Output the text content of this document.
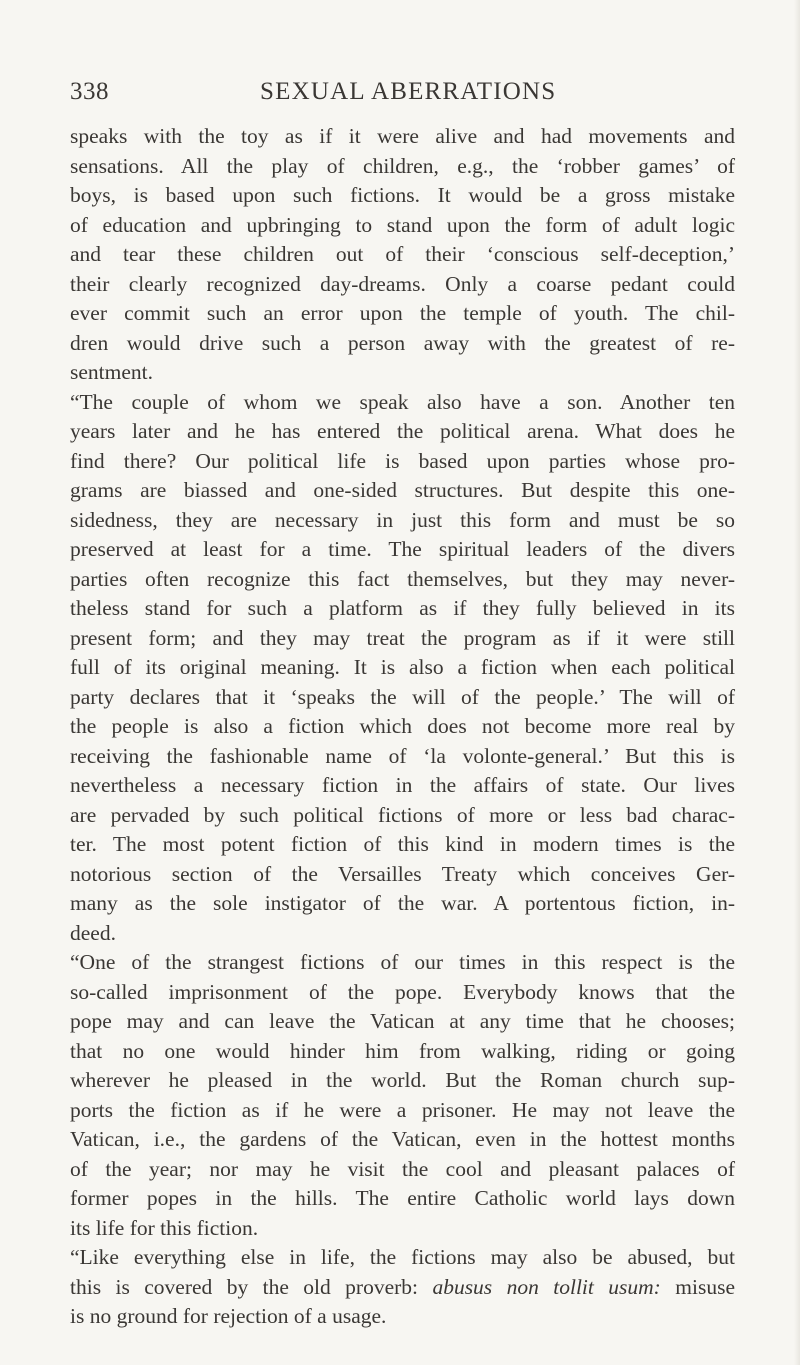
338	SEXUAL ABERRATIONS
speaks with the toy as if it were alive and had movements and
sensations. All the play of children, e.g., the ‘robber games’ of
boys, is based upon such fictions. It would be a gross mistake
of education and upbringing to stand upon the form of adult logic
and tear these children out of their ‘conscious self-deception,’
their clearly recognized day-dreams. Only a coarse pedant could
ever commit such an error upon the temple of youth. The chil-
dren would drive such a person away with the greatest of re-
sentment.
“The couple of whom we speak also have a son. Another ten
years later and he has entered the political arena. What does he
find there? Our political life is based upon parties whose pro-
grams are biassed and one-sided structures. But despite this one-
sidedness, they are necessary in just this form and must be so
preserved at least for a time. The spiritual leaders of the divers
parties often recognize this fact themselves, but they may never-
theless stand for such a platform as if they fully believed in its
present form; and they may treat the program as if it were still
full of its original meaning. It is also a fiction when each political
party declares that it ‘speaks the will of the people.’ The will of
the people is also a fiction which does not become more real by
receiving the fashionable name of ‘la volonte-general.’ But this is
nevertheless a necessary fiction in the affairs of state. Our lives
are pervaded by such political fictions of more or less bad charac-
ter. The most potent fiction of this kind in modern times is the
notorious section of the Versailles Treaty which conceives Ger-
many as the sole instigator of the war. A portentous fiction, in-
deed.
“One of the strangest fictions of our times in this respect is the
so-called imprisonment of the pope. Everybody knows that the
pope may and can leave the Vatican at any time that he chooses;
that no one would hinder him from walking, riding or going
wherever he pleased in the world. But the Roman church sup-
ports the fiction as if he were a prisoner. He may not leave the
Vatican, i.e., the gardens of the Vatican, even in the hottest months
of the year; nor may he visit the cool and pleasant palaces of
former popes in the hills. The entire Catholic world lays down
its life for this fiction.
“Like everything else in life, the fictions may also be abused, but
this is covered by the old proverb: abusus non tollit usum: misuse
is no ground for rejection of a usage.
